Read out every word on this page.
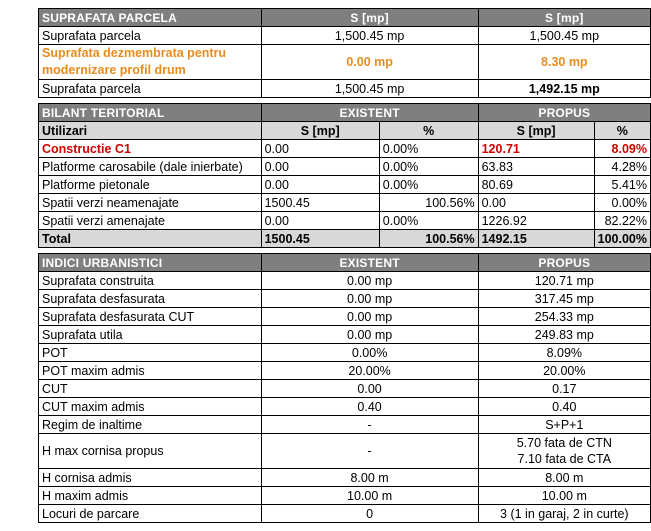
SUPRAFATA PARCELA	S [mp]		S [mp]	
Suprafata parcela	1,500.45 mp		1,500.45 mp	
Suprafata dezmembrata pentru modernizare profil drum	0.00 mp		8.30 mp	
Suprafata parcela	1,500.45 mp		1,492.15 mp	

BILANT TERITORIAL	EXISTENT		PROPUS	
Utilizari	S [mp]	%	S [mp]	%
Constructie C1	0.00	0.00%	120.71	8.09%
Platforme carosabile (dale inierbate)	0.00	0.00%	63.83	4.28%
Platforme pietonale	0.00	0.00%	80.69	5.41%
Spatii verzi neamenajate	1500.45	100.56%	0.00	0.00%
Spatii verzi amenajate	0.00	0.00%	1226.92	82.22%
Total	1500.45	100.56%	1492.15	100.00%

INDICI URBANISTICI	EXISTENT		PROPUS	
Suprafata construita	0.00 mp		120.71 mp	
Suprafata desfasurata	0.00 mp		317.45 mp	
Suprafata desfasurata CUT	0.00 mp		254.33 mp	
Suprafata utila	0.00 mp		249.83 mp	
POT	0.00%		8.09%	
POT maxim admis	20.00%		20.00%	
CUT	0.00		0.17	
CUT maxim admis	0.40		0.40	
Regim de inaltime	-		S+P+1	
H max cornisa propus	-		5.70 fata de CTN
7.10 fata de CTA	

H cornisa admis	8.00 m		8.00 m	
H maxim admis	10.00 m		10.00 m	
Locuri de parcare	0		3 (1 in garaj, 2 in curte)	
